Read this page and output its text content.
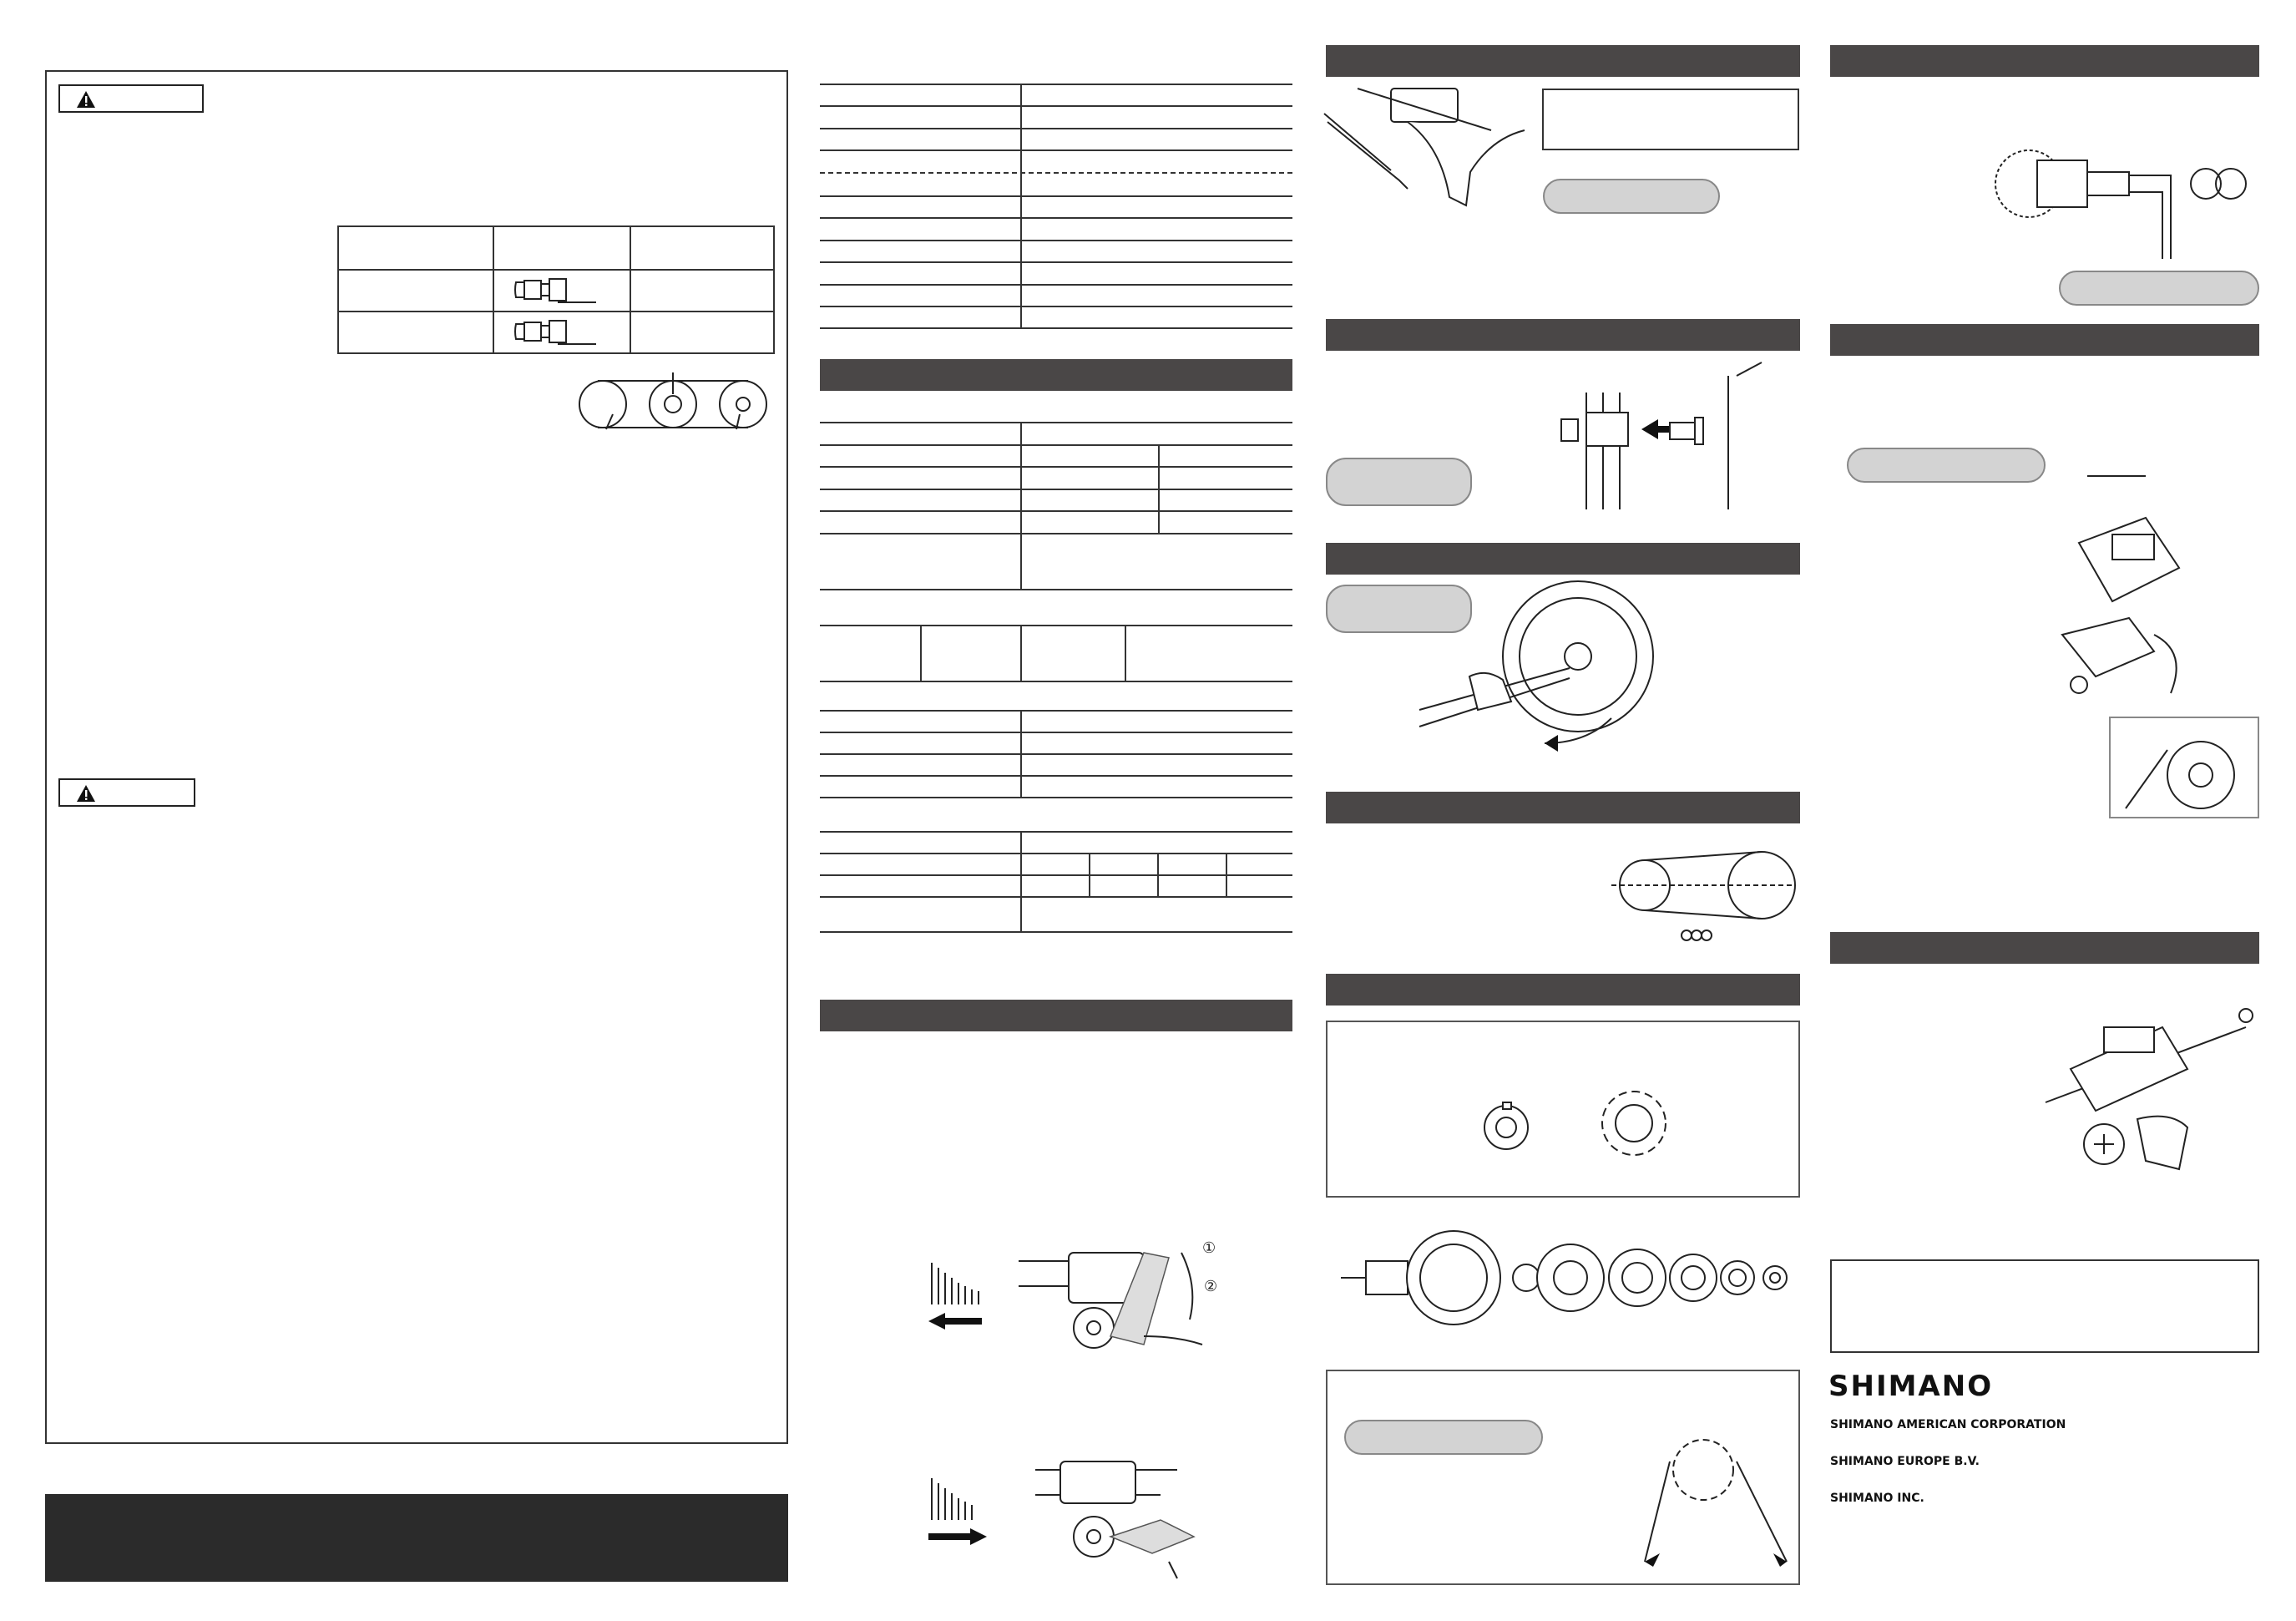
①
②
SHIMANO
SHIMANO AMERICAN CORPORATION
SHIMANO EUROPE B.V.
SHIMANO INC.
